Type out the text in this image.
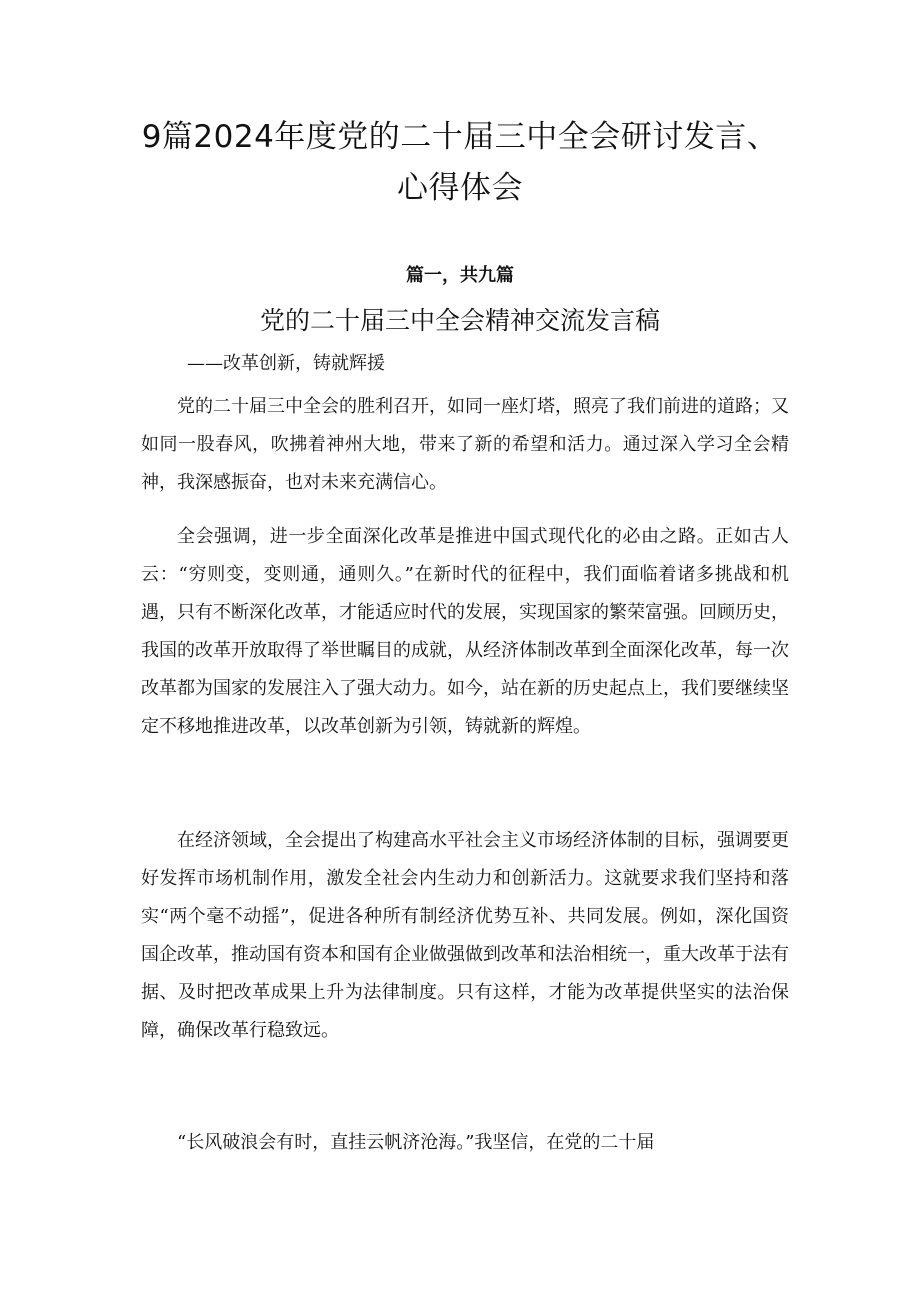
9篇2024年度党的二十届三中全会研讨发言、心得体会
篇一，共九篇
党的二十届三中全会精神交流发言稿

——改革创新，铸就辉援

党的二十届三中全会的胜利召开，如同一座灯塔，照亮了我们前进的道路；又如同一股春风，吹拂着神州大地，带来了新的希望和活力。通过深入学习全会精神，我深感振奋，也对未来充满信心。

全会强调，进一步全面深化改革是推进中国式现代化的必由之路。正如古人云：“穷则变，变则通，通则久。”在新时代的征程中，我们面临着诸多挑战和机遇，只有不断深化改革，才能适应时代的发展，实现国家的繁荣富强。回顾历史，我国的改革开放取得了举世瞩目的成就，从经济体制改革到全面深化改革，每一次改革都为国家的发展注入了强大动力。如今，站在新的历史起点上，我们要继续坚定不移地推进改革，以改革创新为引领，铸就新的辉煌。

在经济领域，全会提出了构建高水平社会主义市场经济体制的目标，强调要更好发挥市场机制作用，激发全社会内生动力和创新活力。这就要求我们坚持和落实“两个毫不动摇”，促进各种所有制经济优势互补、共同发展。例如，深化国资国企改革，推动国有资本和国有企业做强做到改革和法治相统一，重大改革于法有据、及时把改革成果上升为法律制度。只有这样，才能为改革提供坚实的法治保障，确保改革行稳致远。

“长风破浪会有时，直挂云帆济沧海。”我坚信，在党的二十届
